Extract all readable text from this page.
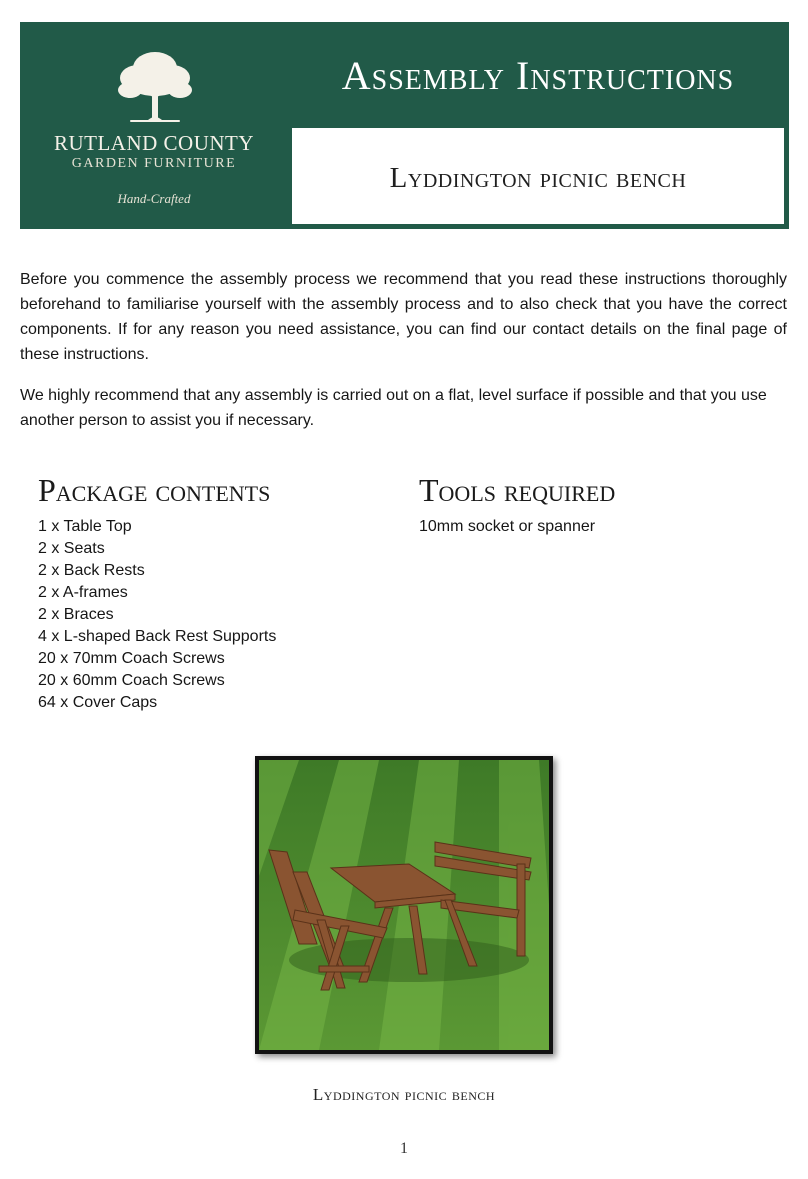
RUTLAND COUNTY
GARDEN FURNITURE
Hand-Crafted
Assembly Instructions
Lyddington picnic bench

Before you commence the assembly process we recommend that you read these instructions thoroughly beforehand to familiarise yourself with the assembly process and to also check that you have the correct components. If for any reason you need assistance, you can find our contact details on the final page of these instructions.

We highly recommend that any assembly is carried out on a flat, level surface if possible and that you use another person to assist you if necessary.

Package contents
1 x Table Top
2 x Seats
2 x Back Rests
2 x A-frames
2 x Braces
4 x L-shaped Back Rest Supports
20 x 70mm Coach Screws
20 x 60mm Coach Screws
64 x Cover Caps
Tools required
10mm socket or spanner
Lyddington picnic bench
1
